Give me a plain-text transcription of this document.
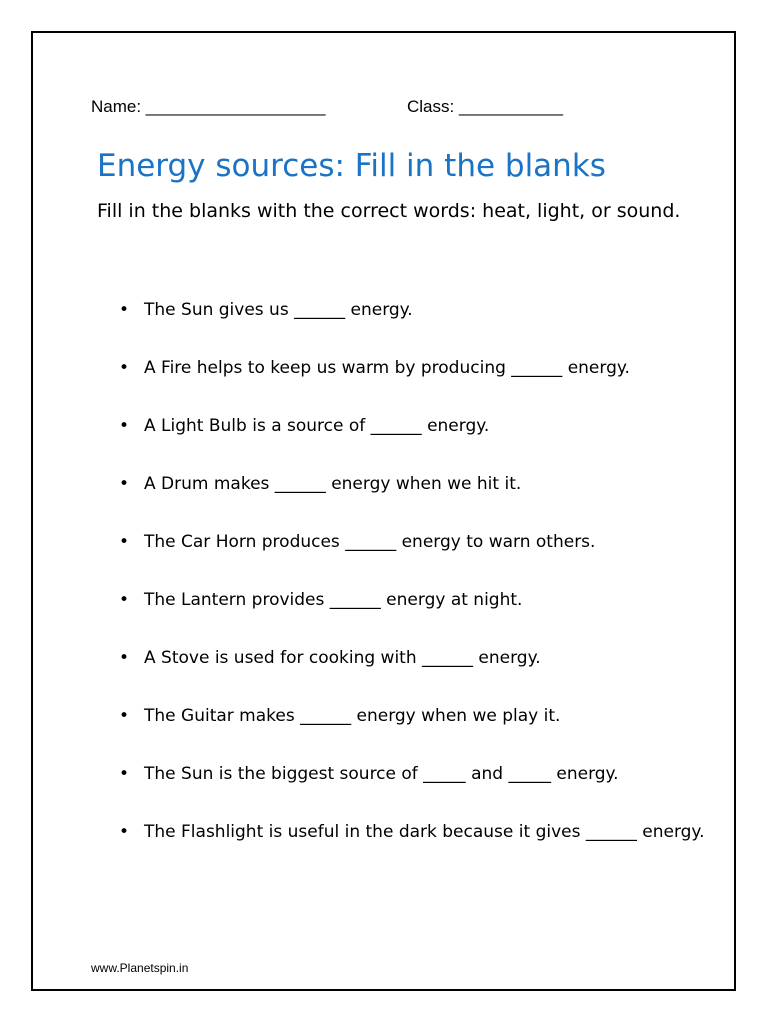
Name: ___________________	Class: ___________
Energy sources: Fill in the blanks

Fill in the blanks with the correct words: heat, light, or sound.

• The Sun gives us ______ energy.
• A Fire helps to keep us warm by producing ______ energy.
• A Light Bulb is a source of ______ energy.
• A Drum makes ______ energy when we hit it.
• The Car Horn produces ______ energy to warn others.
• The Lantern provides ______ energy at night.
• A Stove is used for cooking with ______ energy.
• The Guitar makes ______ energy when we play it.
• The Sun is the biggest source of _____ and _____ energy.
• The Flashlight is useful in the dark because it gives ______ energy.
www.Planetspin.in
